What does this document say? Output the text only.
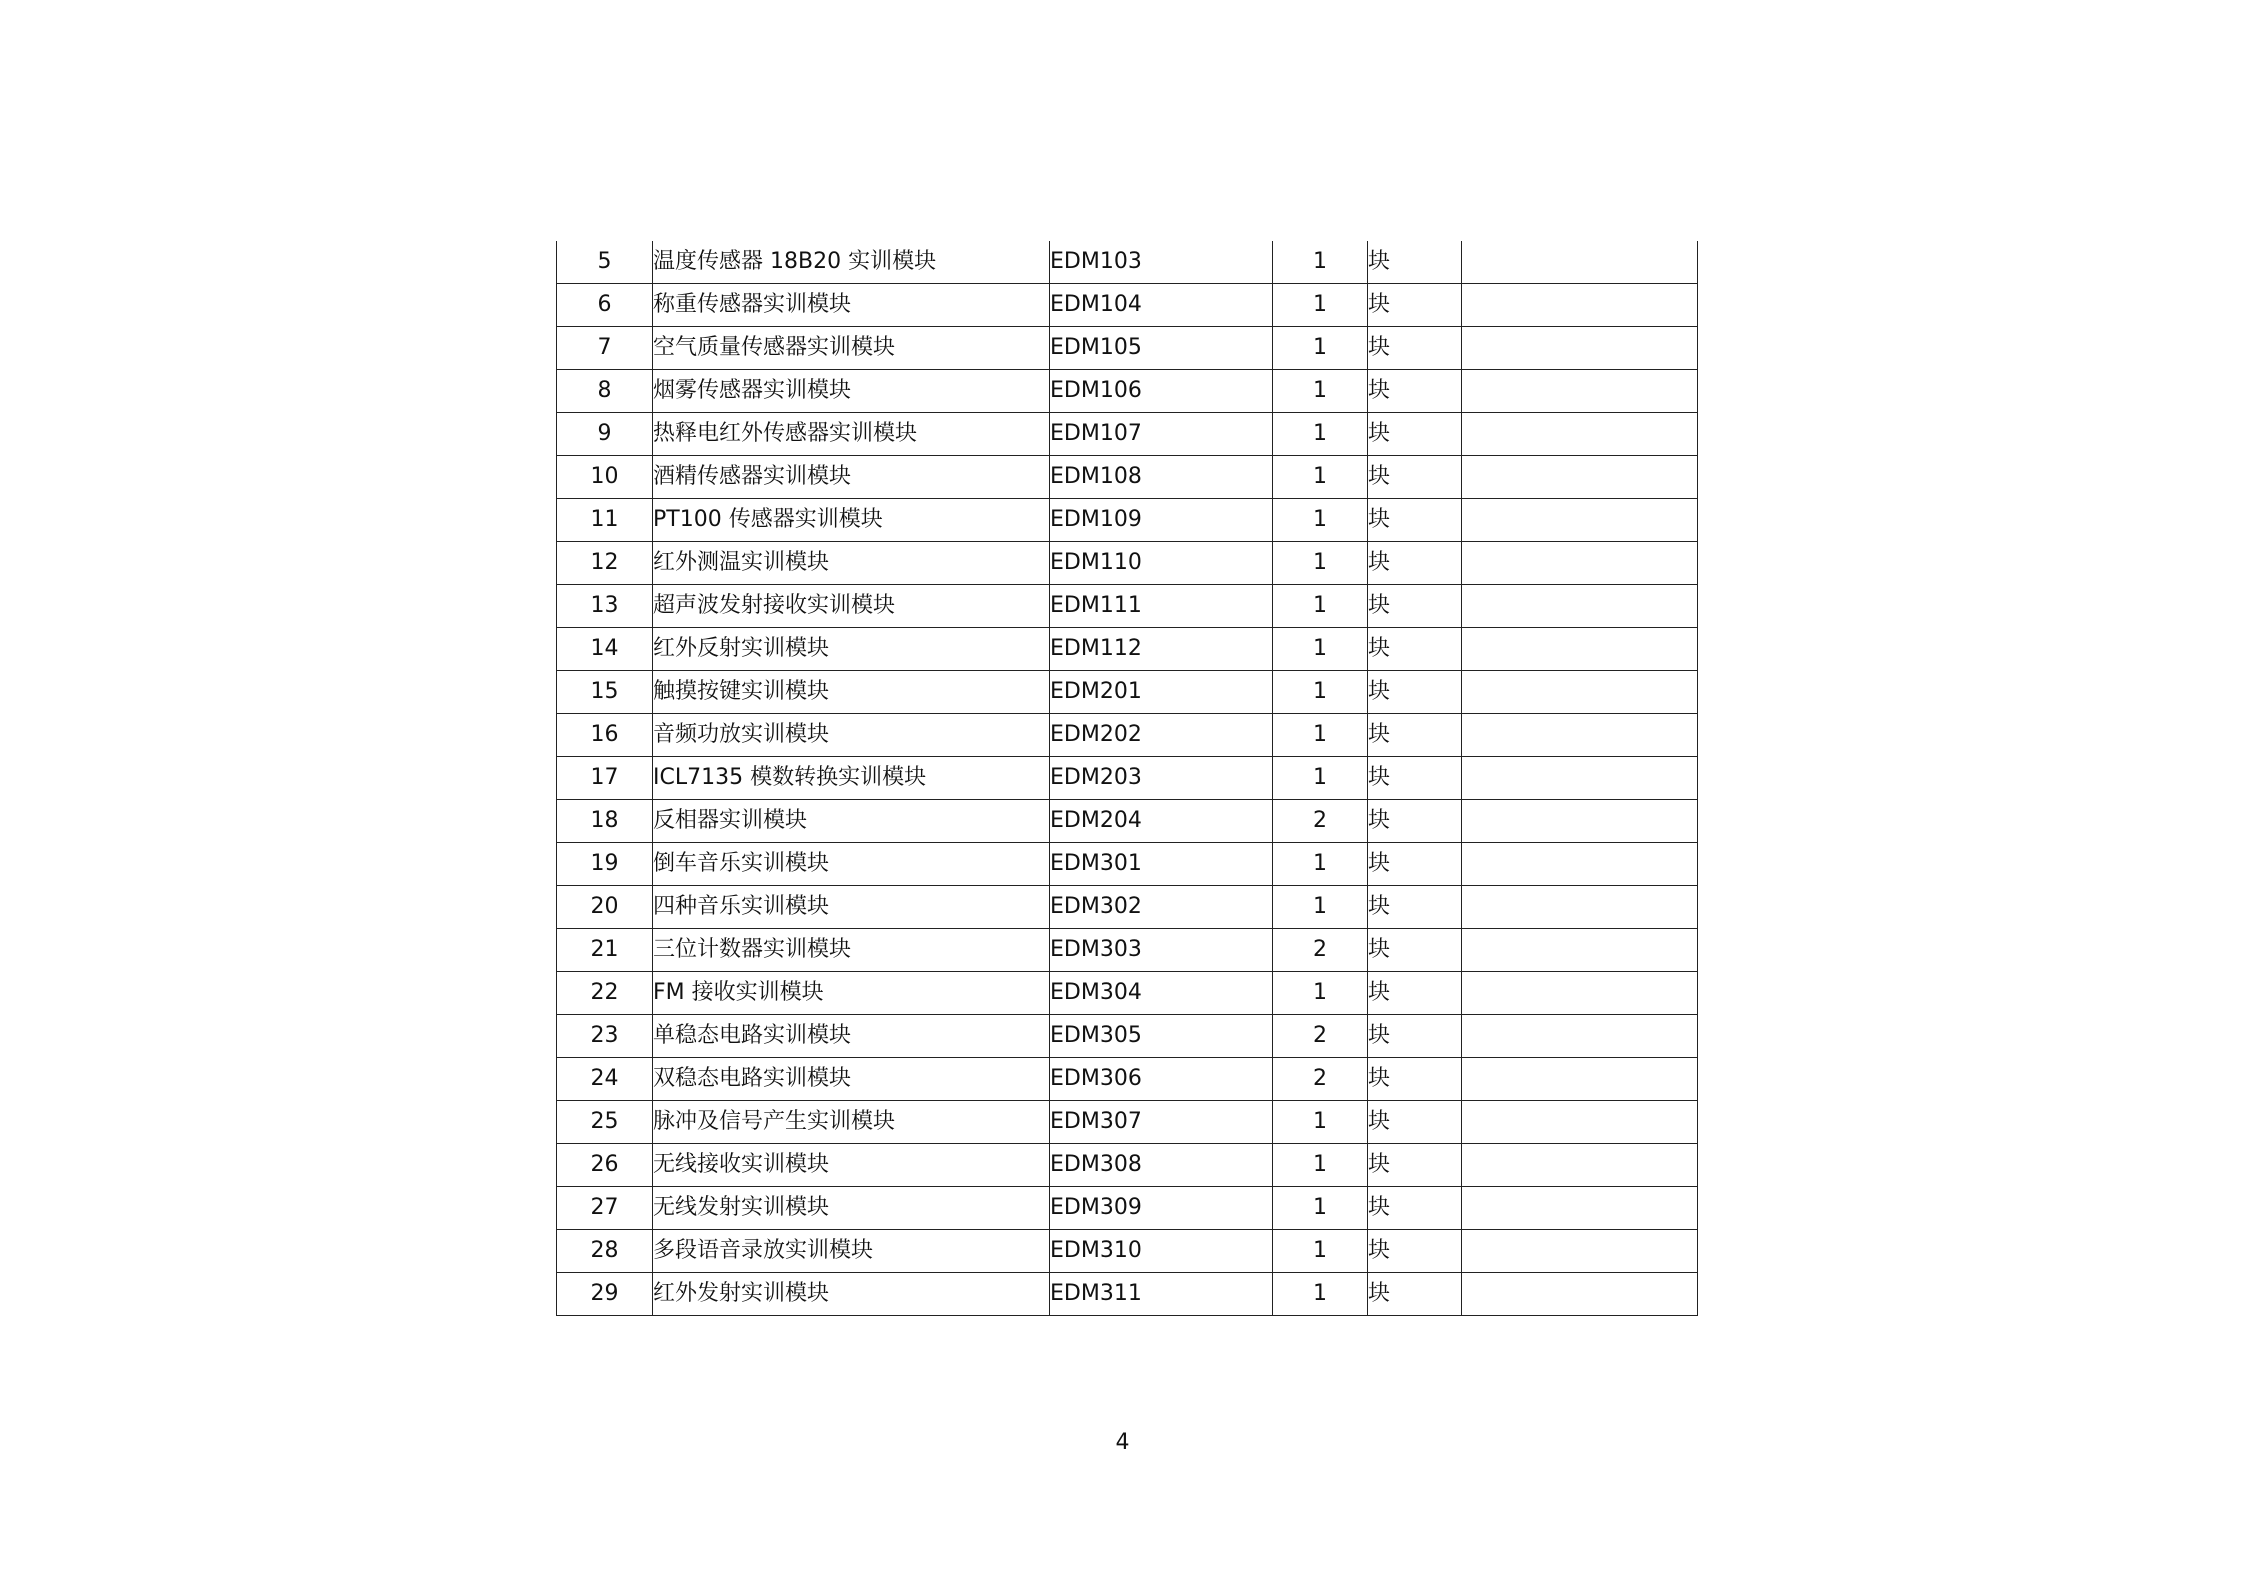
5	温度传感器 18B20 实训模块	EDM103	1	块	
6	称重传感器实训模块	EDM104	1	块	
7	空气质量传感器实训模块	EDM105	1	块	
8	烟雾传感器实训模块	EDM106	1	块	
9	热释电红外传感器实训模块	EDM107	1	块	
10	酒精传感器实训模块	EDM108	1	块	
11	PT100 传感器实训模块	EDM109	1	块	
12	红外测温实训模块	EDM110	1	块	
13	超声波发射接收实训模块	EDM111	1	块	
14	红外反射实训模块	EDM112	1	块	
15	触摸按键实训模块	EDM201	1	块	
16	音频功放实训模块	EDM202	1	块	
17	ICL7135 模数转换实训模块	EDM203	1	块	
18	反相器实训模块	EDM204	2	块	
19	倒车音乐实训模块	EDM301	1	块	
20	四种音乐实训模块	EDM302	1	块	
21	三位计数器实训模块	EDM303	2	块	
22	FM 接收实训模块	EDM304	1	块	
23	单稳态电路实训模块	EDM305	2	块	
24	双稳态电路实训模块	EDM306	2	块	
25	脉冲及信号产生实训模块	EDM307	1	块	
26	无线接收实训模块	EDM308	1	块	
27	无线发射实训模块	EDM309	1	块	
28	多段语音录放实训模块	EDM310	1	块	
29	红外发射实训模块	EDM311	1	块	
4
